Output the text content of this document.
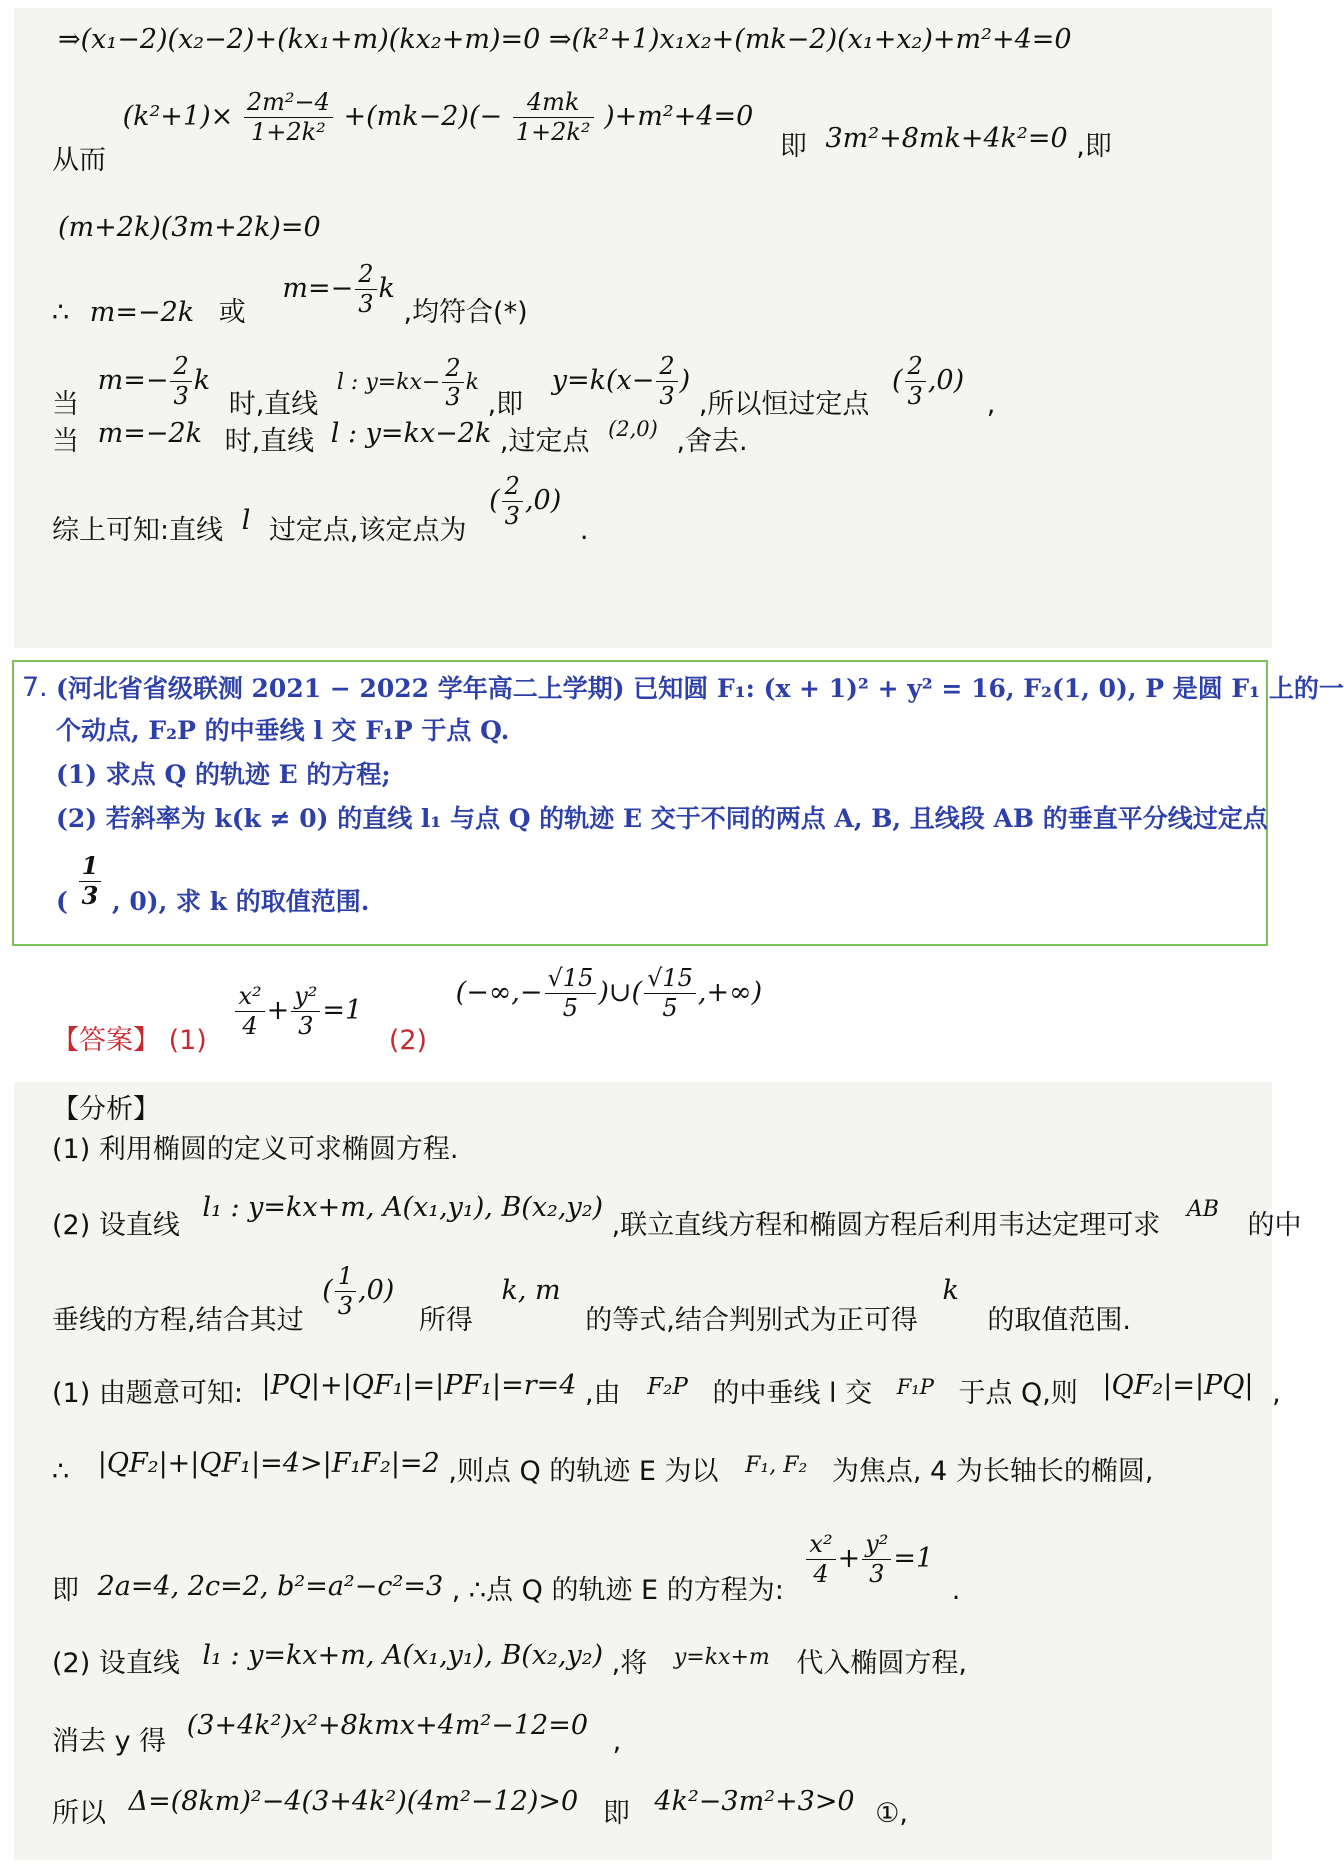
⇒(x₁−2)(x₂−2)+(kx₁+m)(kx₂+m)=0 ⇒(k²+1)x₁x₂+(mk−2)(x₁+x₂)+m²+4=0
从而 $(k^2+1)\times \frac{\text{2m²−4}}{\text{1+2k²}} +(mk-2)(- \frac{4mk}{\text{1+2k²}} )+m^2+4=0$ 即 3m²+8mk+4k²=0 ,即
(m+2k)(3m+2k)=0
∴ m=−2k 或 $m=- \frac{2}{3}$ k ,均符合(*)
当 $m=- \frac{2}{3}$ k 时,直线 l : $y=kx- \frac{2}{3}$ k ,即 $y=k(x- \frac{2}{3}$ ) ,所以恒过定点 ( $\frac{2}{3} ,0$) ,
当 m=−2k 时,直线 l : y=kx−2k ,过定点 $^{(2,0)}$ ,舍去.
综上可知:直线 l 过定点,该定点为 ( $\frac{2}{3} ,0$) .
7. (河北省省级联测 2021 − 2022 学年高二上学期) 已知圆 F₁: (x + 1)² + y² = 16, F₂(1, 0), P 是圆 F₁ 上的一
个动点, F₂P 的中垂线 l 交 F₁P 于点 Q.
(1) 求点 Q 的轨迹 E 的方程;
(2) 若斜率为 k(k ≠ 0) 的直线 l₁ 与点 Q 的轨迹 E 交于不同的两点 A, B, 且线段 AB 的垂直平分线过定点
( $\frac{1}{3}$ , 0), 求 k 的取值范围.
【答案】 $(1) \frac{\text{x²}}{4} + \frac{\text{y²}}{3} =1$ (2) (−∞,− $\frac{√15}{5}$ )∪( $\frac{√15}{5}$ ,+∞)
【分析】
(1) 利用椭圆的定义可求椭圆方程.
(2) 设直线 l₁ : y=kx+m, A(x₁,y₁), B(x₂,y₂) ,联立直线方程和椭圆方程后利用韦达定理可求 AB 的中
垂线的方程,结合其过 ( $\frac{1}{3} ,0$) 所得 k, m 的等式,结合判别式为正可得 k 的取值范围.
(1) 由题意可知: |PQ|+|QF₁|=|PF₁|=r=4 ,由 F₂P 的中垂线 l 交 F₁P 于点 Q,则 |QF₂|=|PQ| ,
∴ |QF₂|+|QF₁|=4>|F₁F₂|=2 ,则点 Q 的轨迹 E 为以 F₁, F₂ 为焦点, 4 为长轴长的椭圆,
即 2a=4, 2c=2, b²=a²−c²=3 , ∴点 Q 的轨迹 E 的方程为:
$\frac{\text{x²}}{4} + \frac{\text{y²}}{3} =1$ .
(2) 设直线 l₁ : y=kx+m, A(x₁,y₁), B(x₂,y₂) ,将 y=kx+m 代入椭圆方程,
消去 y 得 (3+4k²)x²+8kmx+4m²−12=0 ,
所以 Δ=(8km)²−4(3+4k²)(4m²−12)>0 即 4k²−3m²+3>0 ①,
